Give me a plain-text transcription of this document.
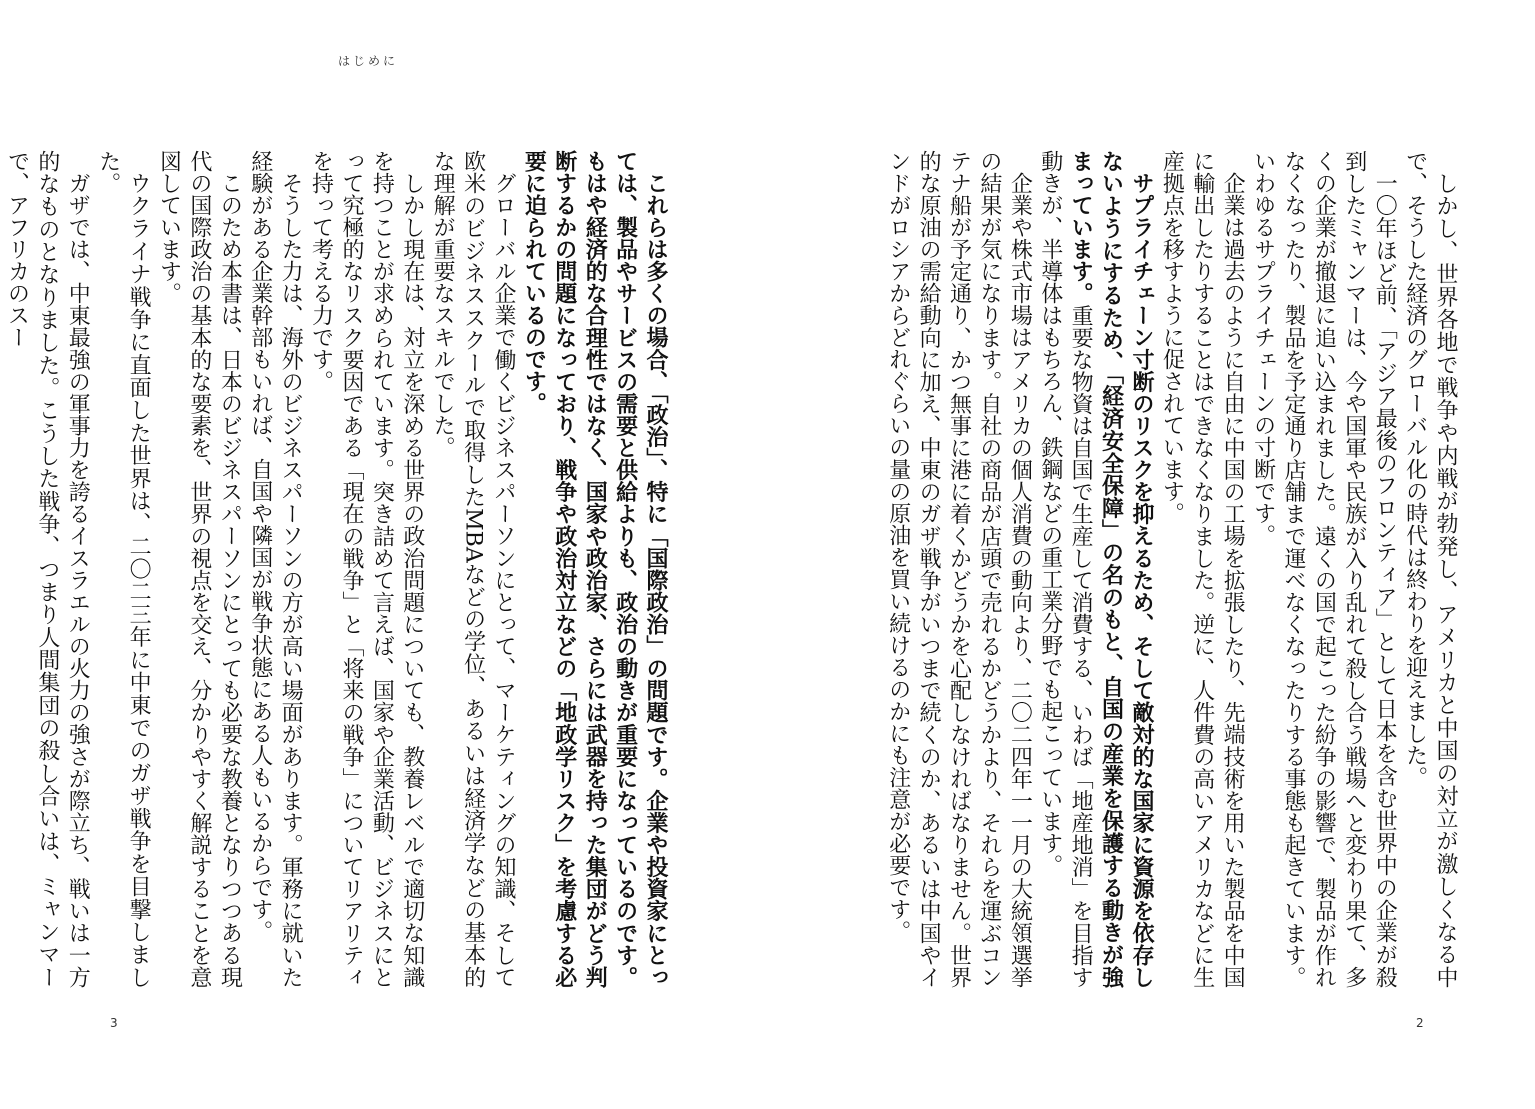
はじめに

しかし、世界各地で戦争や内戦が勃発し、アメリカと中国の対立が激しくなる中で、そうした経済のグローバル化の時代は終わりを迎えました。

一〇年ほど前、「アジア最後のフロンティア」として日本を含む世界中の企業が殺到したミャンマーは、今や国軍や民族が入り乱れて殺し合う戦場へと変わり果て、多くの企業が撤退に追い込まれました。遠くの国で起こった紛争の影響で、製品が作れなくなったり、製品を予定通り店舗まで運べなくなったりする事態も起きています。いわゆるサプライチェーンの寸断です。

企業は過去のように自由に中国の工場を拡張したり、先端技術を用いた製品を中国に輸出したりすることはできなくなりました。逆に、人件費の高いアメリカなどに生産拠点を移すように促されています。

サプライチェーン寸断のリスクを抑えるため、そして敵対的な国家に資源を依存しないようにするため、「経済安全保障」の名のもと、自国の産業を保護する動きが強まっています。重要な物資は自国で生産して消費する、いわば「地産地消」を目指す動きが、半導体はもちろん、鉄鋼などの重工業分野でも起こっています。

企業や株式市場はアメリカの個人消費の動向より、二〇二四年一一月の大統領選挙の結果が気になります。自社の商品が店頭で売れるかどうかより、それらを運ぶコンテナ船が予定通り、かつ無事に港に着くかどうかを心配しなければなりません。世界的な原油の需給動向に加え、中東のガザ戦争がいつまで続くのか、あるいは中国やインドがロシアからどれぐらいの量の原油を買い続けるのかにも注意が必要です。

これらは多くの場合、「政治」、特に「国際政治」の問題です。企業や投資家にとっては、製品やサービスの需要と供給よりも、政治の動きが重要になっているのです。もはや経済的な合理性ではなく、国家や政治家、さらには武器を持った集団がどう判断するかの問題になっており、戦争や政治対立などの「地政学リスク」を考慮する必要に迫られているのです。

グローバル企業で働くビジネスパーソンにとって、マーケティングの知識、そして欧米のビジネススクールで取得したMBAなどの学位、あるいは経済学などの基本的な理解が重要なスキルでした。

しかし現在は、対立を深める世界の政治問題についても、教養レベルで適切な知識を持つことが求められています。突き詰めて言えば、国家や企業活動、ビジネスにとって究極的なリスク要因である「現在の戦争」と「将来の戦争」についてリアリティを持って考える力です。

そうした力は、海外のビジネスパーソンの方が高い場面があります。軍務に就いた経験がある企業幹部もいれば、自国や隣国が戦争状態にある人もいるからです。

このため本書は、日本のビジネスパーソンにとっても必要な教養となりつつある現代の国際政治の基本的な要素を、世界の視点を交え、分かりやすく解説することを意図しています。

ウクライナ戦争に直面した世界は、二〇二三年に中東でのガザ戦争を目撃しました。

ガザでは、中東最強の軍事力を誇るイスラエルの火力の強さが際立ち、戦いは一方的なものとなりました。こうした戦争、つまり人間集団の殺し合いは、ミャンマーで、アフリカのスー

3	2
